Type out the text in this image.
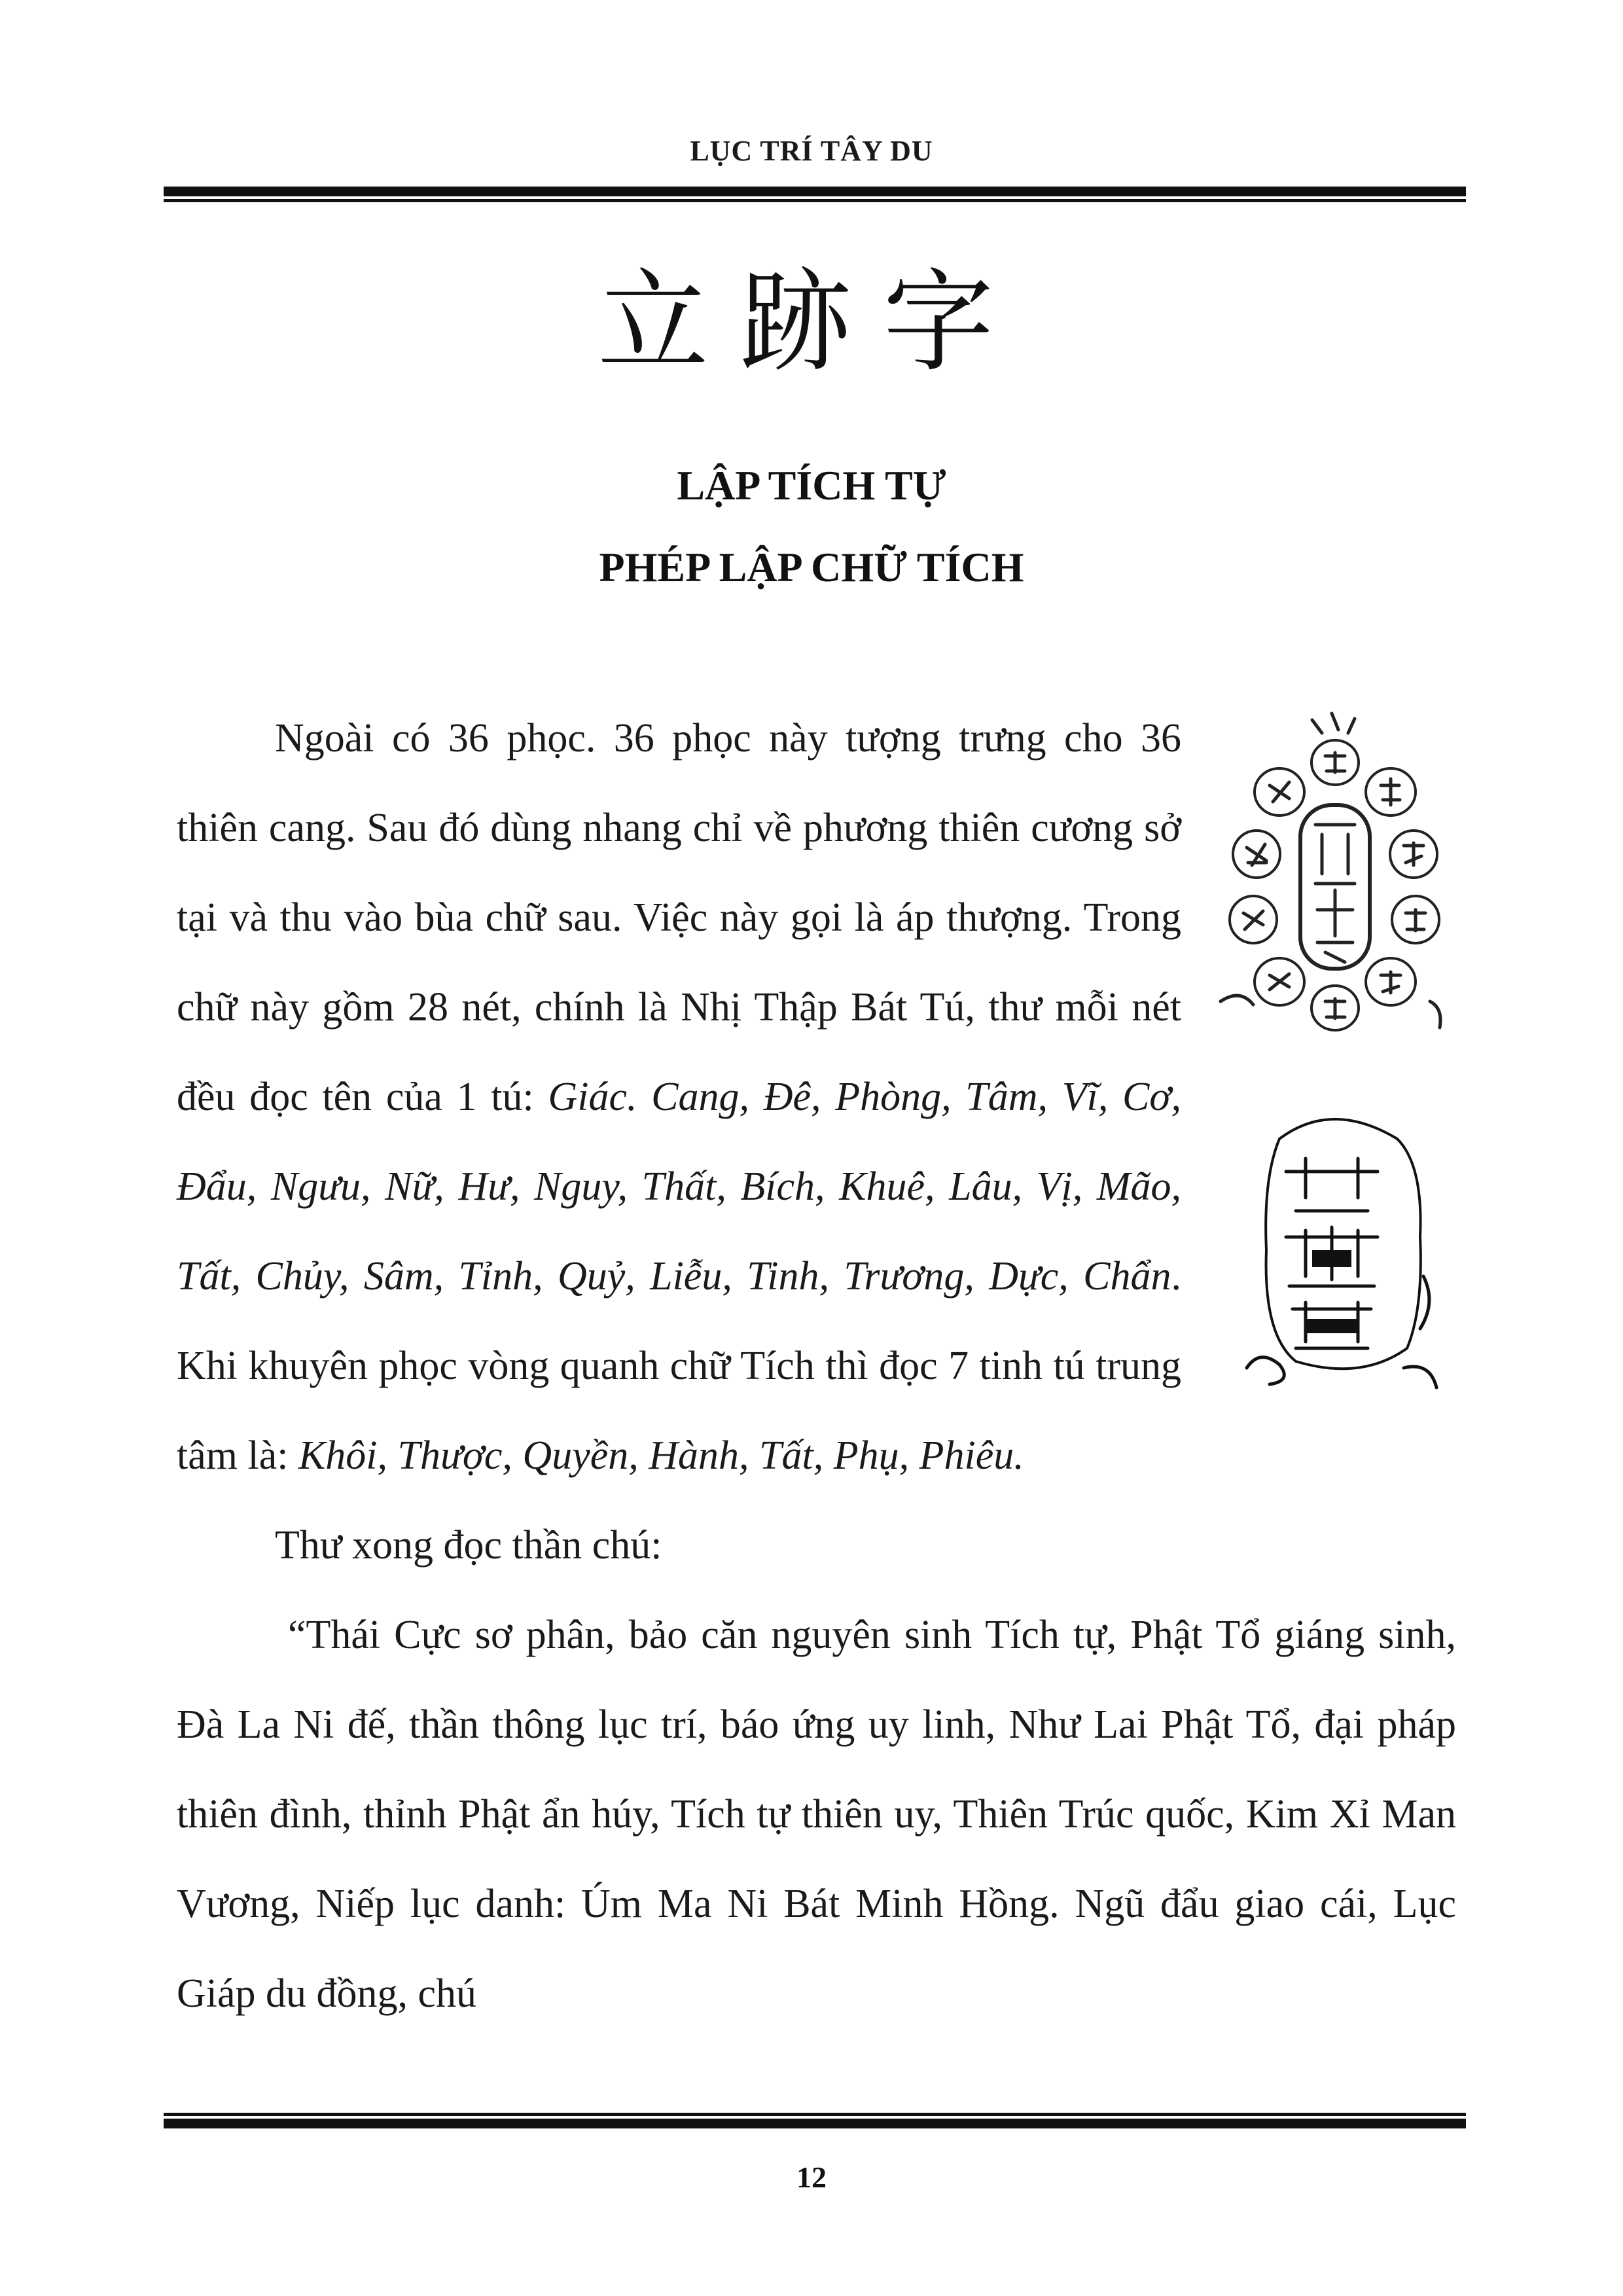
LỤC TRÍ TÂY DU
立跡字
LẬP TÍCH TỰ
PHÉP LẬP CHỮ TÍCH

Ngoài có 36 phọc. 36 phọc này tượng trưng cho 36 thiên cang. Sau đó dùng nhang chỉ về phương thiên cương sở tại và thu vào bùa chữ sau. Việc này gọi là áp thượng. Trong chữ này gồm 28 nét, chính là Nhị Thập Bát Tú, thư mỗi nét đều đọc tên của 1 tú: Giác. Cang, Đê, Phòng, Tâm, Vĩ, Cơ, Đẩu, Ngưu, Nữ, Hư, Nguy, Thất, Bích, Khuê, Lâu, Vị, Mão, Tất, Chủy, Sâm, Tỉnh, Quỷ, Liễu, Tinh, Trương, Dực, Chẩn. Khi khuyên phọc vòng quanh chữ Tích thì đọc 7 tinh tú trung tâm là: Khôi, Thược, Quyền, Hành, Tất, Phụ, Phiêu.

Thư xong đọc thần chú:

“Thái Cực sơ phân, bảo căn nguyên sinh Tích tự, Phật Tổ giáng sinh, Đà La Ni đế, thần thông lục trí, báo ứng uy linh, Như Lai Phật Tổ, đại pháp thiên đình, thỉnh Phật ẩn húy, Tích tự thiên uy, Thiên Trúc quốc, Kim Xỉ Man Vương, Niếp lục danh: Úm Ma Ni Bát Minh Hồng. Ngũ đẩu giao cái, Lục Giáp du đồng, chú

12
